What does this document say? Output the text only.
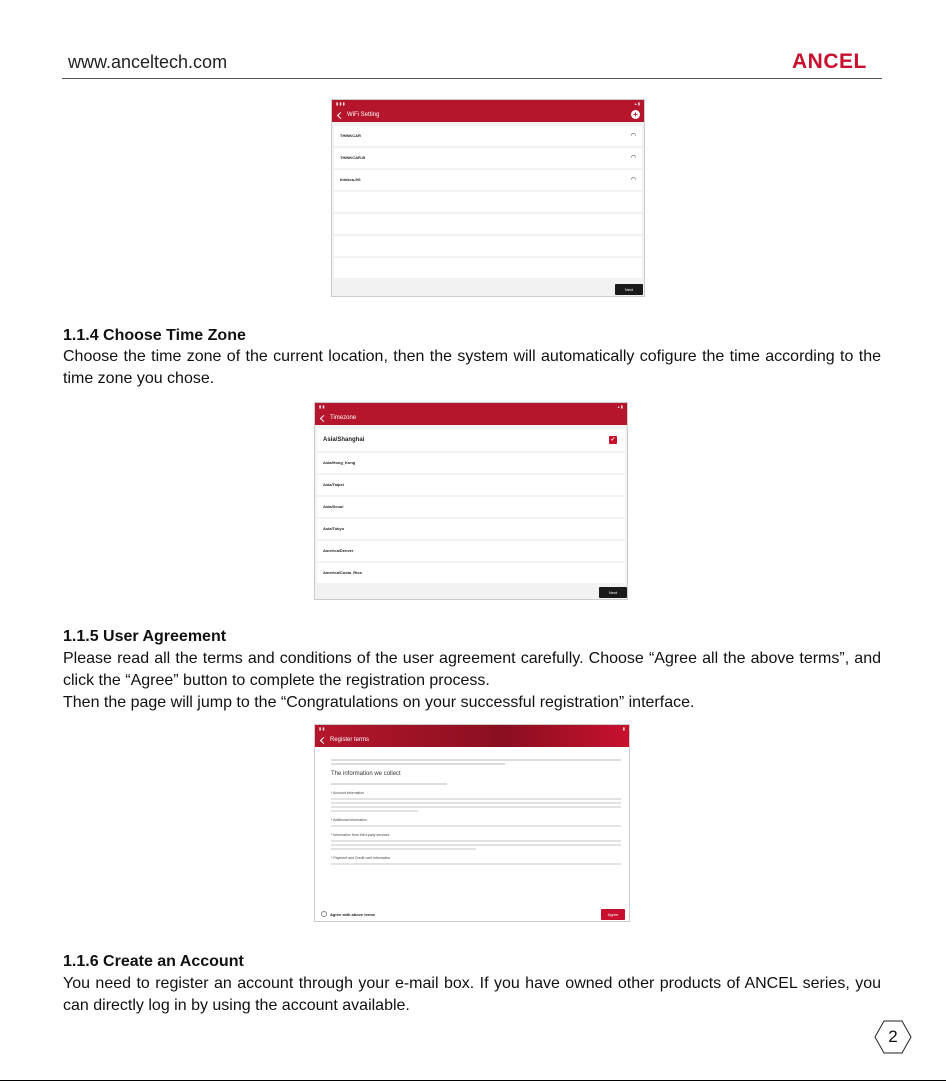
www.anceltech.com	ANCEL
▮ ▮ ▮	▴ ▮
WiFi Setting	+
THINKCAR	◠
THINKCAR-B	◠
thinkca-5G	◠
Next
1.1.4 Choose Time Zone

Choose the time zone of the current location, then the system will automatically cofigure the time according to the time zone you chose.

▮ ▮	▴ ▮
Timezone
Asia/Shanghai	✓
Asia/Hong_Kong
Asia/Taipei
Asia/Seoul
Asia/Tokyo
America/Denver
America/Costa_Rica
Next
1.1.5 User Agreement

Please read all the terms and conditions of the user agreement carefully. Choose “Agree all the above terms”, and click the “Agree” button to complete the registration process.

Then the page will jump to the “Congratulations on your successful registration” interface.

▮ ▮	▮
Register terms
The information we collect
* Account information
* Additional information
* Information from third-party services
* Payment and Credit card information
Agree with above terms	Agree
1.1.6 Create an Account

You need to register an account through your e-mail box. If you have owned other products of ANCEL series, you can directly log in by using the account available.

2
